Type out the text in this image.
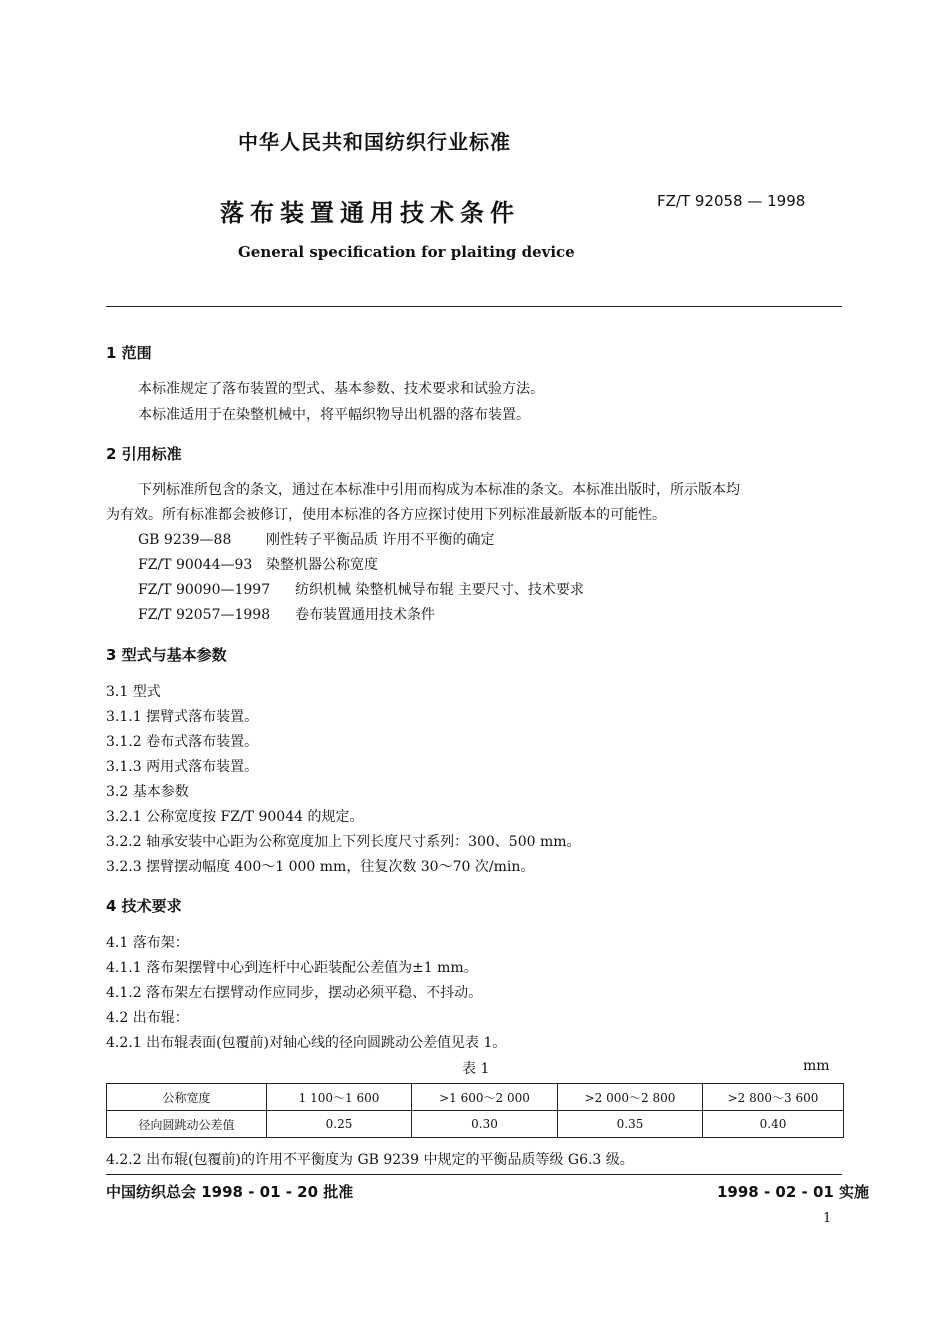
中华人民共和国纺织行业标准
落布装置通用技术条件	FZ/T 92058 — 1998
General specification for plaiting device
1 范围
本标准规定了落布装置的型式、基本参数、技术要求和试验方法。
本标准适用于在染整机械中，将平幅织物导出机器的落布装置。
2 引用标准
下列标准所包含的条文，通过在本标准中引用而构成为本标准的条文。本标准出版时，所示版本均
为有效。所有标准都会被修订，使用本标准的各方应探讨使用下列标准最新版本的可能性。
GB 9239—88 刚性转子平衡品质 许用不平衡的确定
FZ/T 90044—93 染整机器公称宽度
FZ/T 90090—1997 纺织机械 染整机械导布辊 主要尺寸、技术要求
FZ/T 92057—1998 卷布装置通用技术条件
3 型式与基本参数
3.1 型式
3.1.1 摆臂式落布装置。
3.1.2 卷布式落布装置。
3.1.3 两用式落布装置。
3.2 基本参数
3.2.1 公称宽度按 FZ/T 90044 的规定。
3.2.2 轴承安装中心距为公称宽度加上下列长度尺寸系列：300、500 mm。
3.2.3 摆臂摆动幅度 400～1 000 mm，往复次数 30～70 次/min。
4 技术要求
4.1 落布架：
4.1.1 落布架摆臂中心到连杆中心距装配公差值为±1 mm。
4.1.2 落布架左右摆臂动作应同步，摆动必须平稳、不抖动。
4.2 出布辊：
4.2.1 出布辊表面(包覆前)对轴心线的径向圆跳动公差值见表 1。
表 1	mm
公称宽度	1 100～1 600	>1 600～2 000	>2 000～2 800	>2 800～3 600
径向圆跳动公差值	0.25	0.30	0.35	0.40
4.2.2 出布辊(包覆前)的许用不平衡度为 GB 9239 中规定的平衡品质等级 G6.3 级。
中国纺织总会 1998 - 01 - 20 批准	1998 - 02 - 01 实施
1
